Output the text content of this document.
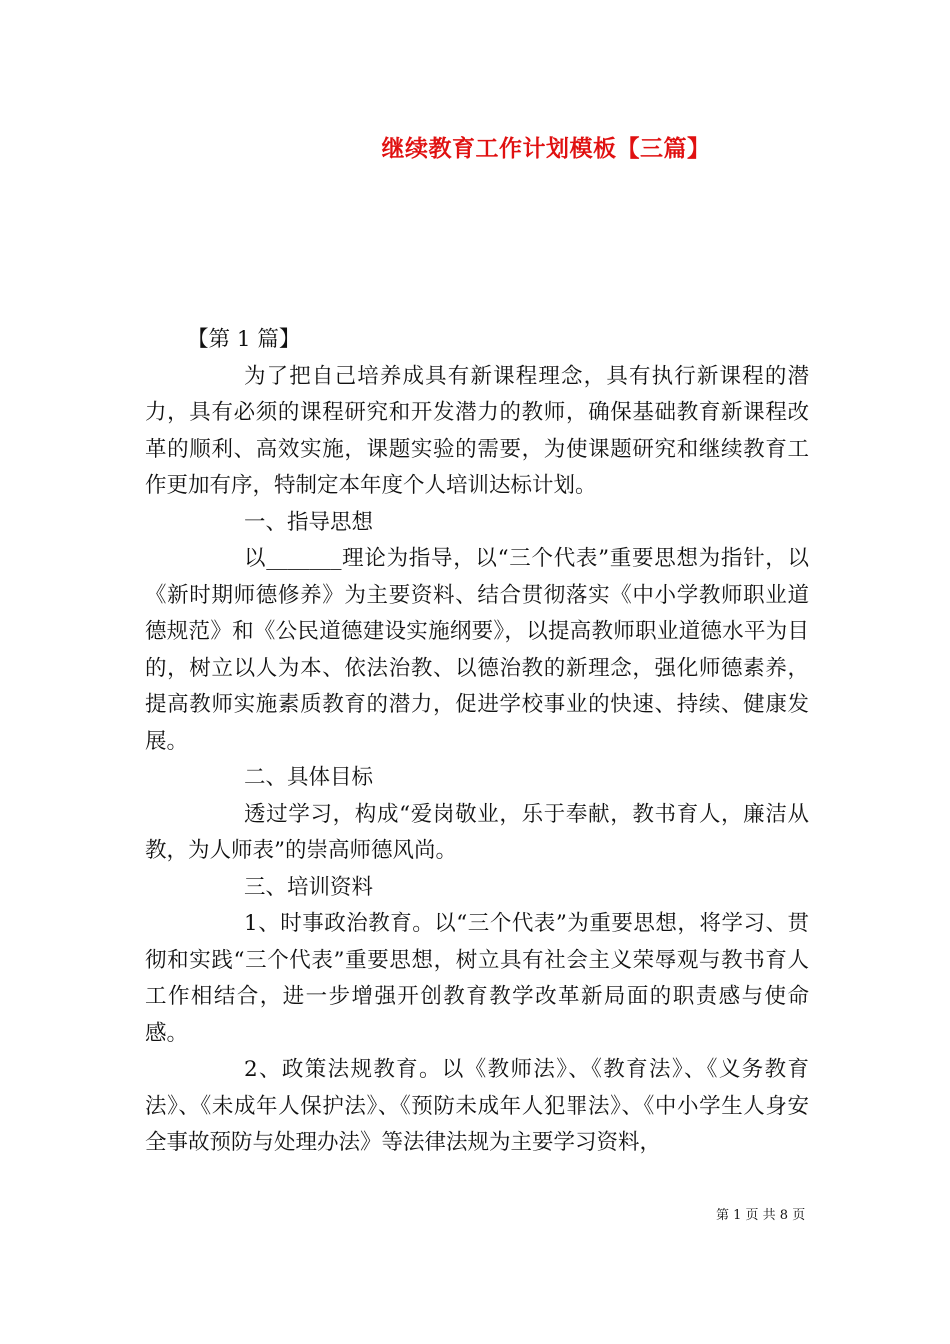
继续教育工作计划模板【三篇】

【第 1 篇】

为了把自己培养成具有新课程理念，具有执行新课程的潜力，具有必须的课程研究和开发潜力的教师，确保基础教育新课程改革的顺利、高效实施，课题实验的需要，为使课题研究和继续教育工作更加有序，特制定本年度个人培训达标计划。

一、指导思想

以_______理论为指导，以“三个代表”重要思想为指针，以《新时期师德修养》为主要资料、结合贯彻落实《中小学教师职业道德规范》和《公民道德建设实施纲要》，以提高教师职业道德水平为目的，树立以人为本、依法治教、以德治教的新理念，强化师德素养，提高教师实施素质教育的潜力，促进学校事业的快速、持续、健康发展。

二、具体目标

透过学习，构成“爱岗敬业，乐于奉献，教书育人，廉洁从教，为人师表”的崇高师德风尚。

三、培训资料

1、时事政治教育。以“三个代表”为重要思想，将学习、贯彻和实践“三个代表”重要思想，树立具有社会主义荣辱观与教书育人工作相结合，进一步增强开创教育教学改革新局面的职责感与使命感。

2、政策法规教育。以《教师法》、《教育法》、《义务教育法》、《未成年人保护法》、《预防未成年人犯罪法》、《中小学生人身安全事故预防与处理办法》等法律法规为主要学习资料，

第 1 页 共 8 页
